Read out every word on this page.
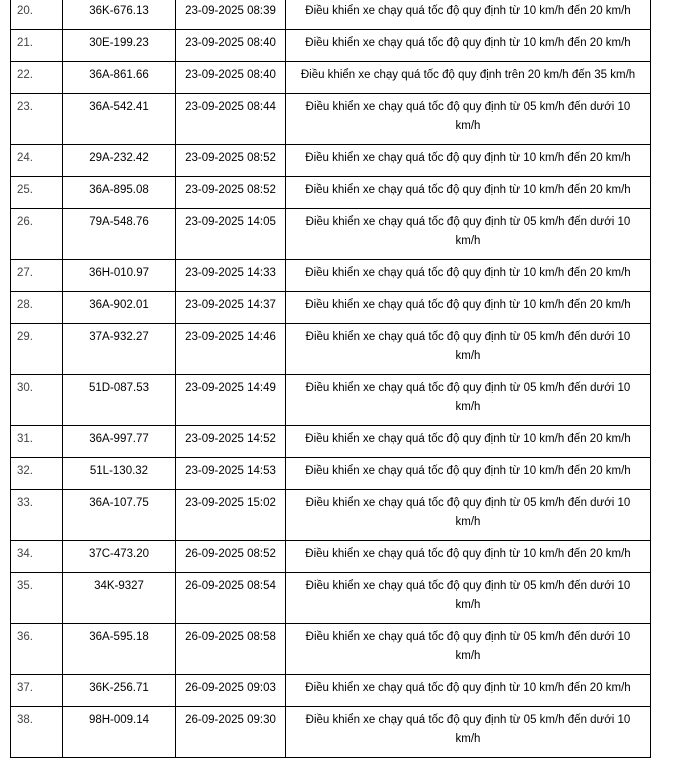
20.	36K-676.13	23-09-2025 08:39	Điều khiển xe chạy quá tốc độ quy định từ 10 km/h đến 20 km/h
21.	30E-199.23	23-09-2025 08:40	Điều khiển xe chạy quá tốc độ quy định từ 10 km/h đến 20 km/h
22.	36A-861.66	23-09-2025 08:40	Điều khiển xe chạy quá tốc độ quy định trên 20 km/h đến 35 km/h
23.	36A-542.41	23-09-2025 08:44	Điều khiển xe chạy quá tốc độ quy định từ 05 km/h đến dưới 10 km/h
24.	29A-232.42	23-09-2025 08:52	Điều khiển xe chạy quá tốc độ quy định từ 10 km/h đến 20 km/h
25.	36A-895.08	23-09-2025 08:52	Điều khiển xe chạy quá tốc độ quy định từ 10 km/h đến 20 km/h
26.	79A-548.76	23-09-2025 14:05	Điều khiển xe chạy quá tốc độ quy định từ 05 km/h đến dưới 10 km/h
27.	36H-010.97	23-09-2025 14:33	Điều khiển xe chạy quá tốc độ quy định từ 10 km/h đến 20 km/h
28.	36A-902.01	23-09-2025 14:37	Điều khiển xe chạy quá tốc độ quy định từ 10 km/h đến 20 km/h
29.	37A-932.27	23-09-2025 14:46	Điều khiển xe chạy quá tốc độ quy định từ 05 km/h đến dưới 10 km/h
30.	51D-087.53	23-09-2025 14:49	Điều khiển xe chạy quá tốc độ quy định từ 05 km/h đến dưới 10 km/h
31.	36A-997.77	23-09-2025 14:52	Điều khiển xe chạy quá tốc độ quy định từ 10 km/h đến 20 km/h
32.	51L-130.32	23-09-2025 14:53	Điều khiển xe chạy quá tốc độ quy định từ 10 km/h đến 20 km/h
33.	36A-107.75	23-09-2025 15:02	Điều khiển xe chạy quá tốc độ quy định từ 05 km/h đến dưới 10 km/h
34.	37C-473.20	26-09-2025 08:52	Điều khiển xe chạy quá tốc độ quy định từ 10 km/h đến 20 km/h
35.	34K-9327	26-09-2025 08:54	Điều khiển xe chạy quá tốc độ quy định từ 05 km/h đến dưới 10 km/h
36.	36A-595.18	26-09-2025 08:58	Điều khiển xe chạy quá tốc độ quy định từ 05 km/h đến dưới 10 km/h
37.	36K-256.71	26-09-2025 09:03	Điều khiển xe chạy quá tốc độ quy định từ 10 km/h đến 20 km/h
38.	98H-009.14	26-09-2025 09:30	Điều khiển xe chạy quá tốc độ quy định từ 05 km/h đến dưới 10 km/h
